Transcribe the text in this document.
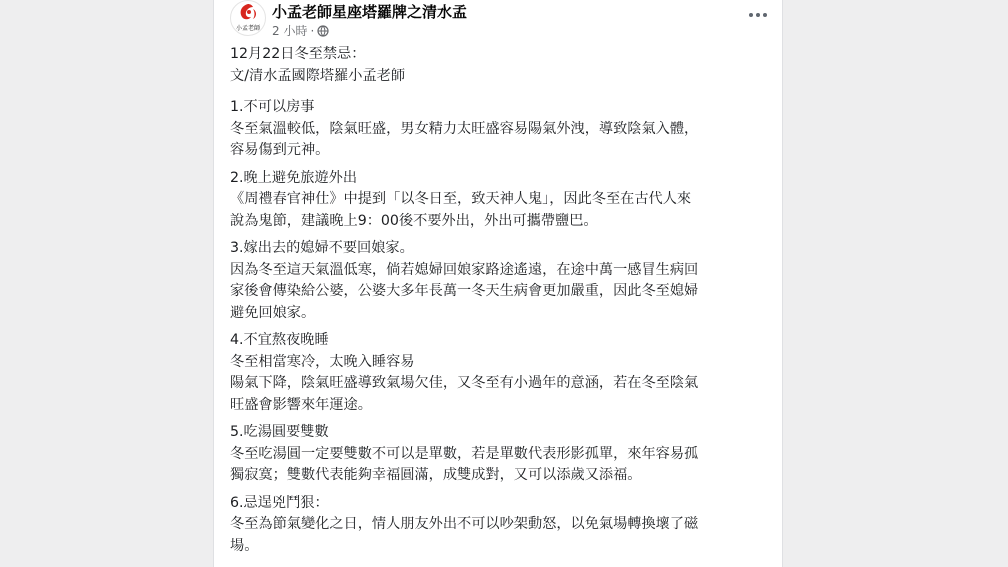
小孟老師
小孟老師星座塔羅牌之清水孟
2 小時 ·

12月22日冬至禁忌：
文/清水孟國際塔羅小孟老師

1.不可以房事
冬至氣溫較低，陰氣旺盛，男女精力太旺盛容易陽氣外洩，導致陰氣入體，
容易傷到元神。

2.晚上避免旅遊外出
《周禮春官神仕》中提到「以冬日至，致天神人鬼」，因此冬至在古代人來
說為鬼節，建議晚上9：00後不要外出，外出可攜帶鹽巴。

3.嫁出去的媳婦不要回娘家。
因為冬至這天氣溫低寒，倘若媳婦回娘家路途遙遠，在途中萬一感冒生病回
家後會傳染給公婆，公婆大多年長萬一冬天生病會更加嚴重，因此冬至媳婦
避免回娘家。

4.不宜熬夜晚睡
冬至相當寒冷，太晚入睡容易
陽氣下降，陰氣旺盛導致氣場欠佳，又冬至有小過年的意涵，若在冬至陰氣
旺盛會影響來年運途。

5.吃湯圓要雙數
冬至吃湯圓一定要雙數不可以是單數，若是單數代表形影孤單，來年容易孤
獨寂寞；雙數代表能夠幸福圓滿，成雙成對，又可以添歲又添福。

6.忌逞兇鬥狠：
冬至為節氣變化之日，情人朋友外出不可以吵架動怒，以免氣場轉換壞了磁
場。
